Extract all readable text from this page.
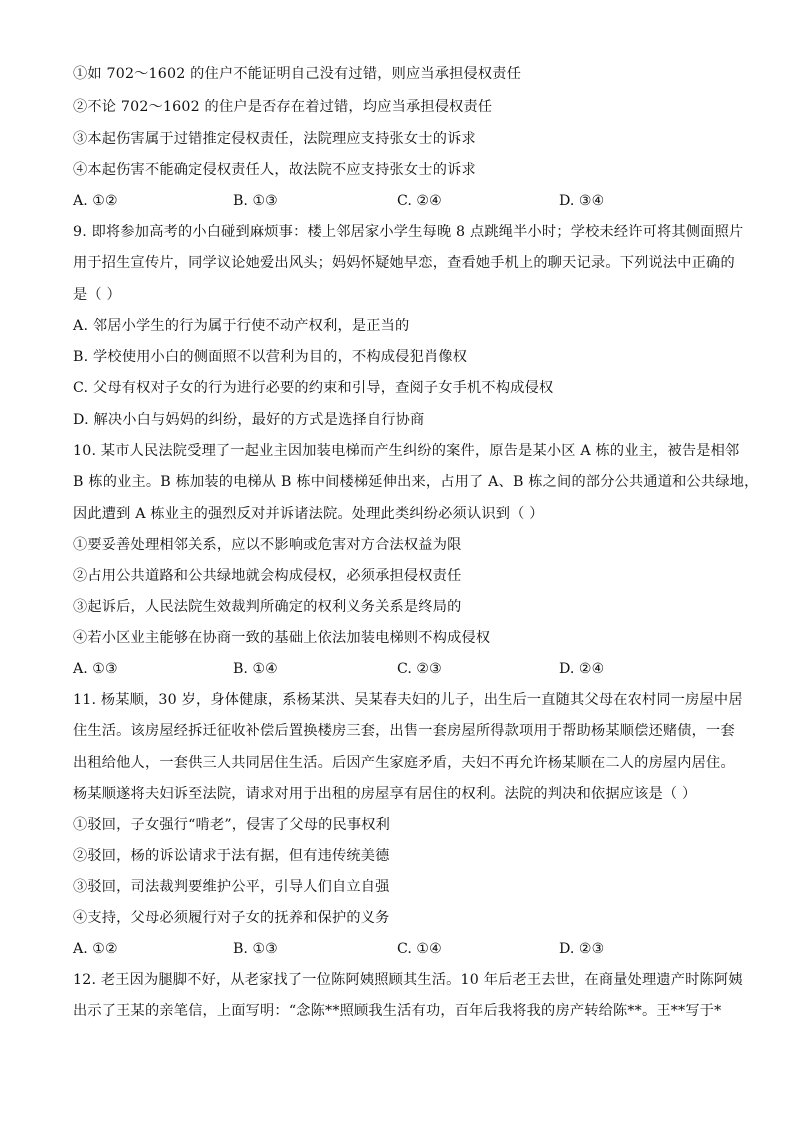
①如 702～1602 的住户不能证明自己没有过错，则应当承担侵权责任
②不论 702～1602 的住户是否存在着过错，均应当承担侵权责任
③本起伤害属于过错推定侵权责任，法院理应支持张女士的诉求
④本起伤害不能确定侵权责任人，故法院不应支持张女士的诉求
A. ①②	B. ①③	C. ②④	D. ③④
9. 即将参加高考的小白碰到麻烦事：楼上邻居家小学生每晚 8 点跳绳半小时；学校未经许可将其侧面照片
用于招生宣传片，同学议论她爱出风头；妈妈怀疑她早恋，查看她手机上的聊天记录。下列说法中正确的
是（ ）
A. 邻居小学生的行为属于行使不动产权利，是正当的
B. 学校使用小白的侧面照不以营利为目的，不构成侵犯肖像权
C. 父母有权对子女的行为进行必要的约束和引导，查阅子女手机不构成侵权
D. 解决小白与妈妈的纠纷，最好的方式是选择自行协商
10. 某市人民法院受理了一起业主因加装电梯而产生纠纷的案件，原告是某小区 A 栋的业主，被告是相邻
B 栋的业主。B 栋加装的电梯从 B 栋中间楼梯延伸出来，占用了 A、B 栋之间的部分公共通道和公共绿地，
因此遭到 A 栋业主的强烈反对并诉诸法院。处理此类纠纷必须认识到（ ）
①要妥善处理相邻关系，应以不影响或危害对方合法权益为限
②占用公共道路和公共绿地就会构成侵权，必须承担侵权责任
③起诉后，人民法院生效裁判所确定的权利义务关系是终局的
④若小区业主能够在协商一致的基础上依法加装电梯则不构成侵权
A. ①③	B. ①④	C. ②③	D. ②④
11. 杨某顺，30 岁，身体健康，系杨某洪、吴某春夫妇的儿子，出生后一直随其父母在农村同一房屋中居
住生活。该房屋经拆迁征收补偿后置换楼房三套，出售一套房屋所得款项用于帮助杨某顺偿还赌债，一套
出租给他人，一套供三人共同居住生活。后因产生家庭矛盾，夫妇不再允许杨某顺在二人的房屋内居住。
杨某顺遂将夫妇诉至法院，请求对用于出租的房屋享有居住的权利。法院的判决和依据应该是（ ）
①驳回，子女强行“啃老”，侵害了父母的民事权利
②驳回，杨的诉讼请求于法有据，但有违传统美德
③驳回，司法裁判要维护公平，引导人们自立自强
④支持，父母必须履行对子女的抚养和保护的义务
A. ①②	B. ①③	C. ①④	D. ②③
12. 老王因为腿脚不好，从老家找了一位陈阿姨照顾其生活。10 年后老王去世，在商量处理遗产时陈阿姨
出示了王某的亲笔信，上面写明：“念陈**照顾我生活有功，百年后我将我的房产转给陈**。王**写于*
